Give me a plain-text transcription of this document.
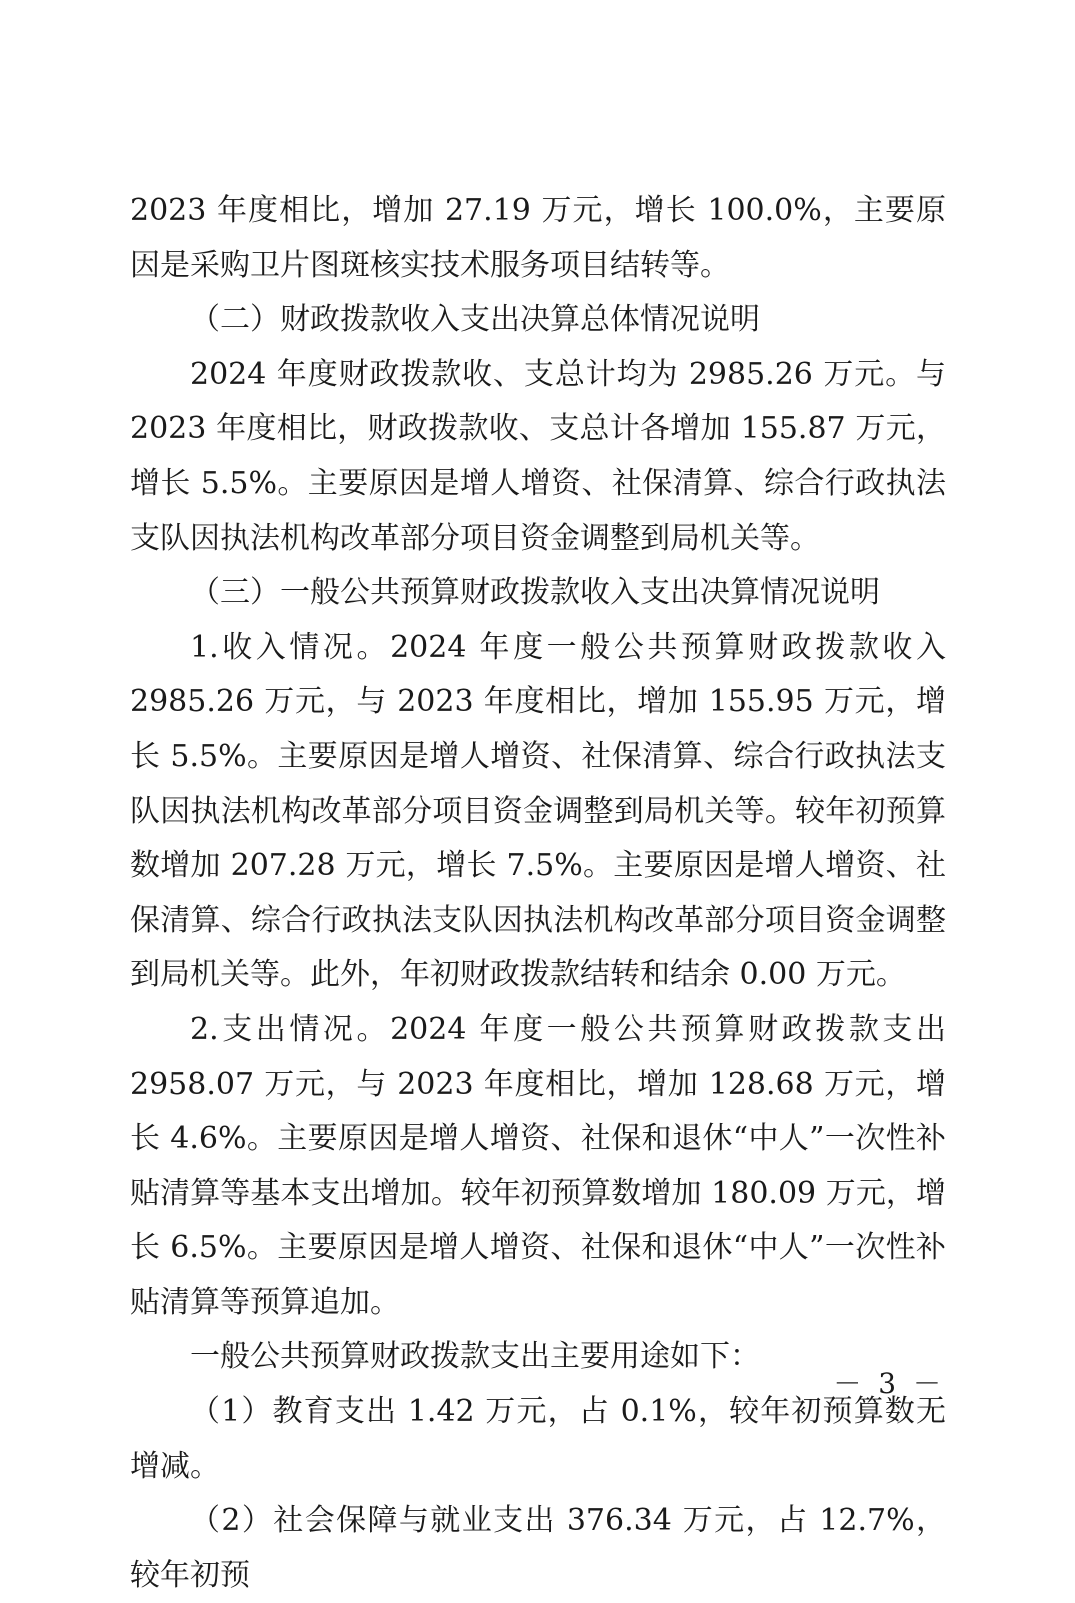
2023 年度相比，增加 27.19 万元，增长 100.0%，主要原因是采购卫片图斑核实技术服务项目结转等。

（二）财政拨款收入支出决算总体情况说明

2024 年度财政拨款收、支总计均为 2985.26 万元。与 2023 年度相比，财政拨款收、支总计各增加 155.87 万元，增长 5.5%。主要原因是增人增资、社保清算、综合行政执法支队因执法机构改革部分项目资金调整到局机关等。

（三）一般公共预算财政拨款收入支出决算情况说明

1.收入情况。2024 年度一般公共预算财政拨款收入 2985.26 万元，与 2023 年度相比，增加 155.95 万元，增长 5.5%。主要原因是增人增资、社保清算、综合行政执法支队因执法机构改革部分项目资金调整到局机关等。较年初预算数增加 207.28 万元，增长 7.5%。主要原因是增人增资、社保清算、综合行政执法支队因执法机构改革部分项目资金调整到局机关等。此外，年初财政拨款结转和结余 0.00 万元。

2.支出情况。2024 年度一般公共预算财政拨款支出 2958.07 万元，与 2023 年度相比，增加 128.68 万元，增长 4.6%。主要原因是增人增资、社保和退休“中人”一次性补贴清算等基本支出增加。较年初预算数增加 180.09 万元，增长 6.5%。主要原因是增人增资、社保和退休“中人”一次性补贴清算等预算追加。

一般公共预算财政拨款支出主要用途如下：

（1）教育支出 1.42 万元，占 0.1%，较年初预算数无增减。

（2）社会保障与就业支出 376.34 万元，占 12.7%，较年初预

－ 3 －
